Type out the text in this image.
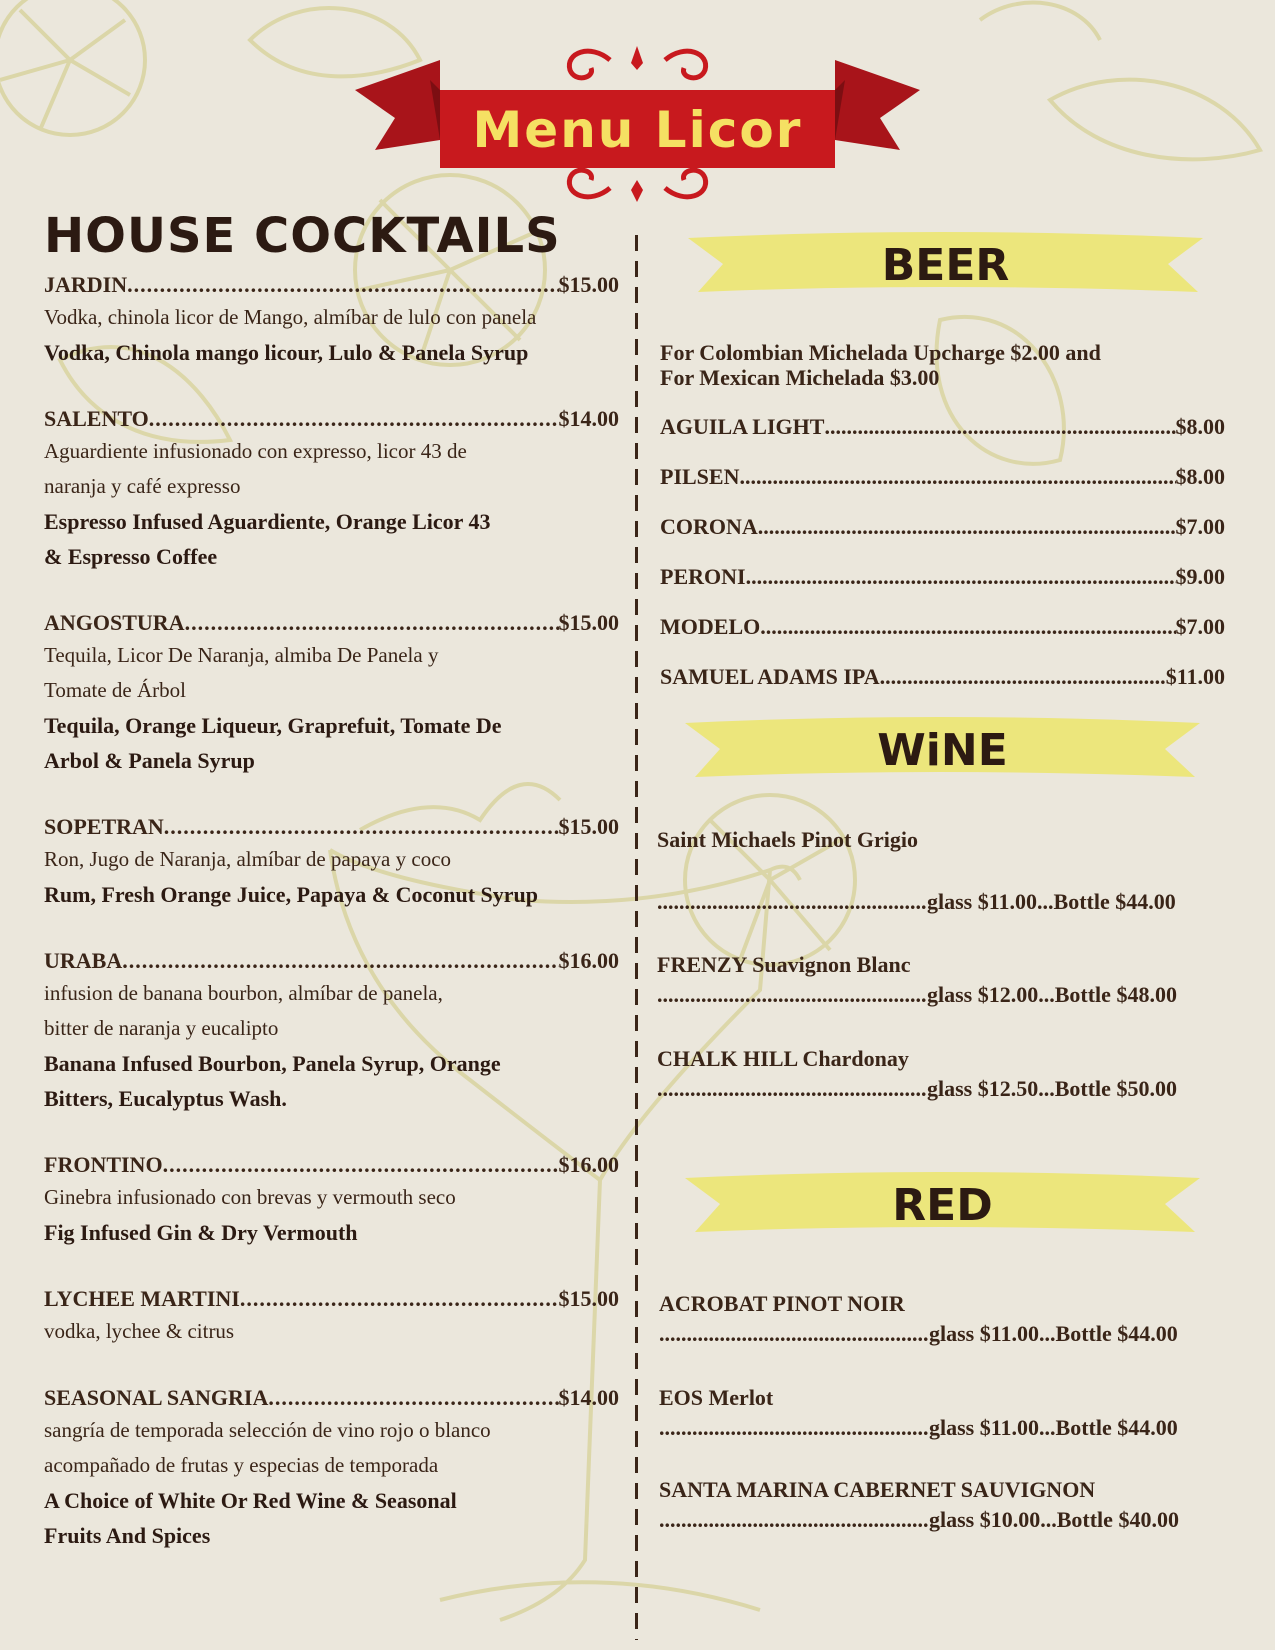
Menu Licor
HOUSE COCKTAILS
JARDIN .....	$15.00
Vodka, chinola licor de Mango, almíbar de lulo con panela
Vodka, Chinola mango licour, Lulo & Panela Syrup
SALENTO .....	$14.00
Aguardiente infusionado con expresso, licor 43 de
naranja y café expresso
Espresso Infused Aguardiente, Orange Licor 43
& Espresso Coffee
ANGOSTURA .....	$15.00
Tequila, Licor De Naranja, almiba De Panela y
Tomate de Árbol
Tequila, Orange Liqueur, Graprefuit, Tomate De
Arbol & Panela Syrup
SOPETRAN .....	$15.00
Ron, Jugo de Naranja, almíbar de papaya y coco
Rum, Fresh Orange Juice, Papaya & Coconut Syrup
URABA .....	$16.00
infusion de banana bourbon, almíbar de panela,
bitter de naranja y eucalipto
Banana Infused Bourbon, Panela Syrup, Orange
Bitters, Eucalyptus Wash.
FRONTINO .....	$16.00
Ginebra infusionado con brevas y vermouth seco
Fig Infused Gin & Dry Vermouth
LYCHEE MARTINI .....	$15.00
vodka, lychee & citrus
SEASONAL SANGRIA .....	$14.00
sangría de temporada selección de vino rojo o blanco
acompañado de frutas y especias de temporada
A Choice of White Or Red Wine & Seasonal
Fruits And Spices
BEER
For Colombian Michelada Upcharge $2.00 and
For Mexican Michelada $3.00
AGUILA LIGHT .....	$8.00
PILSEN .....	$8.00
CORONA .....	$7.00
PERONI .....	$9.00
MODELO .....	$7.00
SAMUEL ADAMS IPA .....	$11.00
WiNE
Saint Michaels Pinot Grigio
.....
glass $11.00...Bottle $44.00
FRENZY Suavignon Blanc
.....
glass $12.00...Bottle $48.00
CHALK HILL Chardonay
.....
glass $12.50...Bottle $50.00
RED
ACROBAT PINOT NOIR
.....
glass $11.00...Bottle $44.00
EOS Merlot
.....
glass $11.00...Bottle $44.00
SANTA MARINA CABERNET SAUVIGNON
.....
glass $10.00...Bottle $40.00
